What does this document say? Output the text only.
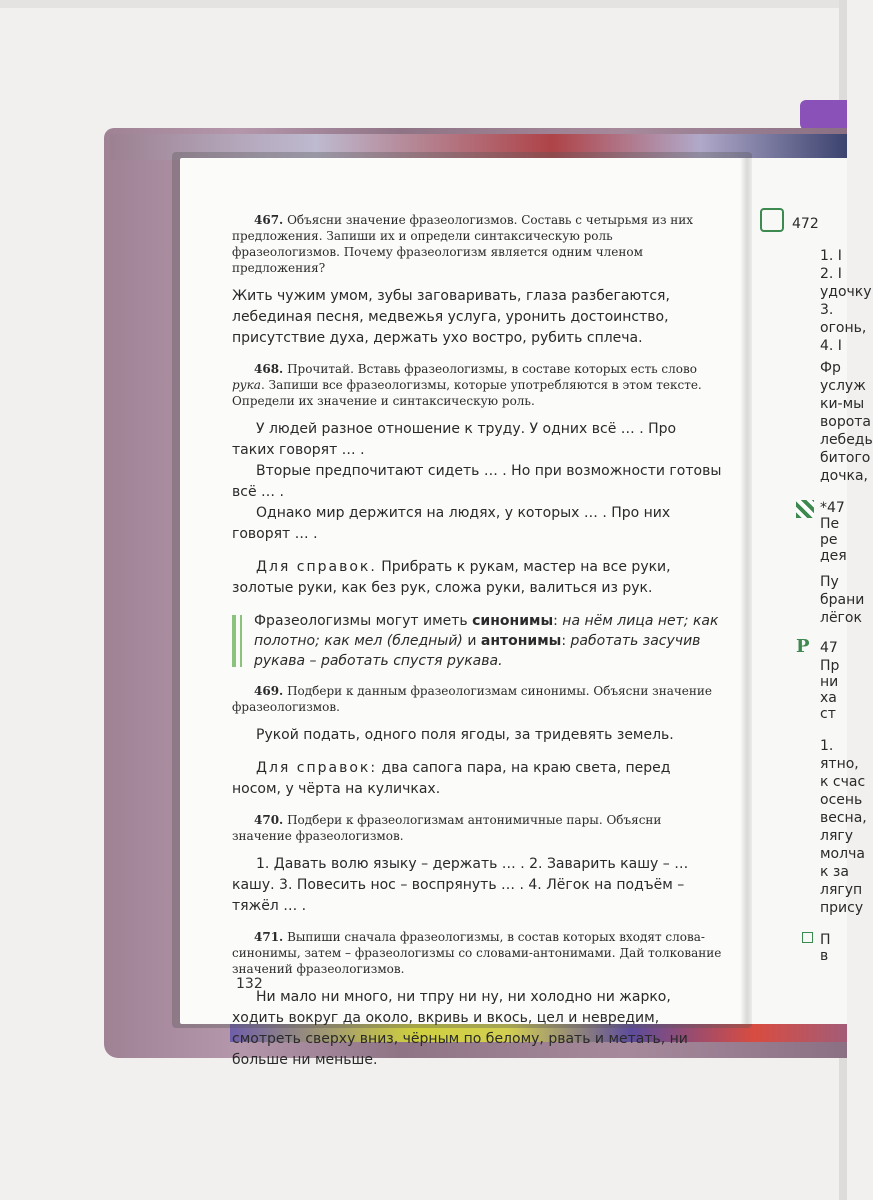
467. Объясни значение фразеологизмов. Составь с четырьмя из них предложения. Запиши их и определи синтаксическую роль фразеологизмов. Почему фразеологизм является одним членом предложения?

Жить чужим умом, зубы заговаривать, глаза разбегаются, лебединая песня, медвежья услуга, уронить достоинство, присутствие духа, держать ухо востро, рубить сплеча.

468. Прочитай. Вставь фразеологизмы, в составе которых есть слово рука. Запиши все фразеологизмы, которые употребляются в этом тексте. Определи их значение и синтаксическую роль.

У людей разное отношение к труду. У одних всё … . Про таких говорят … .

Вторые предпочитают сидеть … . Но при возможности готовы всё … .

Однако мир держится на людях, у которых … . Про них говорят … .

Для справок. Прибрать к рукам, мастер на все руки, золотые руки, как без рук, сложа руки, валиться из рук.

Фразеологизмы могут иметь синонимы: на нём лица нет; как полотно; как мел (бледный) и антонимы: работать засучив рукава – работать спустя рукава.

469. Подбери к данным фразеологизмам синонимы. Объясни значение фразеологизмов.

Рукой подать, одного поля ягоды, за тридевять земель.

Для справок: два сапога пара, на краю света, перед носом, у чёрта на куличках.

470. Подбери к фразеологизмам антонимичные пары. Объясни значение фразеологизмов.

1. Давать волю языку – держать … . 2. Заварить кашу – … кашу. 3. Повесить нос – воспрянуть … . 4. Лёгок на подъём – тяжёл … .

471. Выпиши сначала фразеологизмы, в состав которых входят слова-синонимы, затем – фразеологизмы со словами-антонимами. Дай толкование значений фразеологизмов.

Ни мало ни много, ни тпру ни ну, ни холодно ни жарко, ходить вокруг да около, вкривь и вкось, цел и невредим, смотреть сверху вниз, чёрным по белому, рвать и метать, ни больше ни меньше.

132
Р
472
1. I
2. I
удочку
3.
огонь,
4. I
Фр
услуж
ки-мы
ворота
лебедь
битого
дочка,
*47
Пе
ре
дея
Пу
брани
лёгок
47
Пр
ни
ха
ст
1.
ятно,
к счас
осень
весна,
лягу
молча
к за
лягуп
прису
П
в
